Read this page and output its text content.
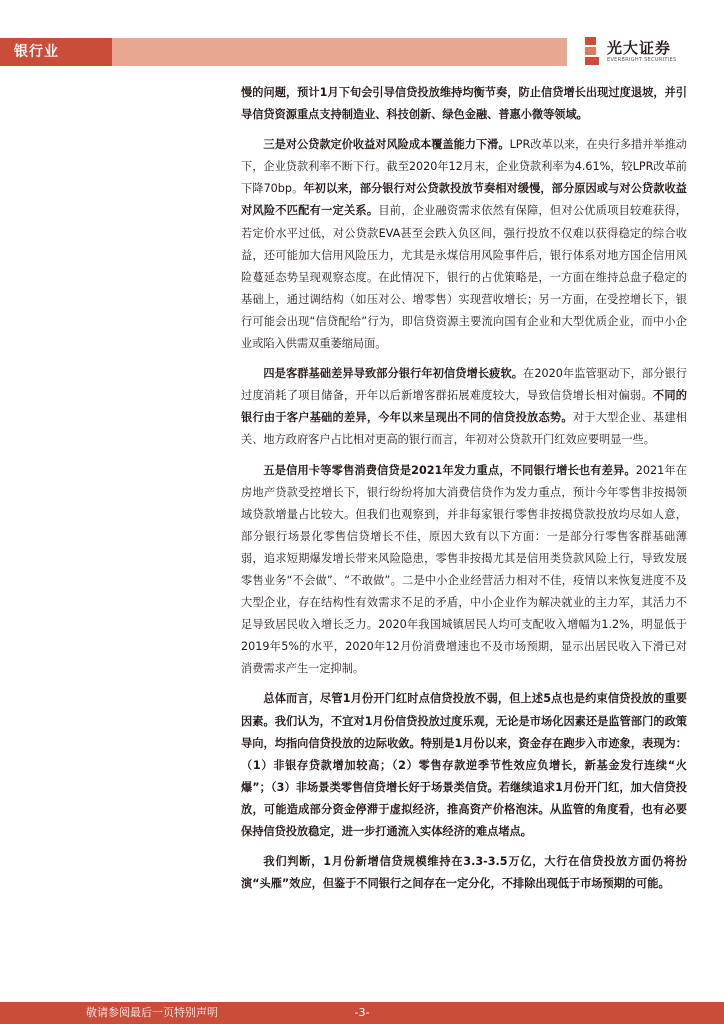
银行业	光大证券
EVERBRIGHT SECURITIES

慢的问题，预计1月下旬会引导信贷投放维持均衡节奏，防止信贷增长出现过度退坡，并引导信贷资源重点支持制造业、科技创新、绿色金融、普惠小微等领域。

三是对公贷款定价收益对风险成本覆盖能力下滑。LPR改革以来，在央行多措并举推动下，企业贷款利率不断下行。截至2020年12月末，企业贷款利率为4.61%，较LPR改革前下降70bp。年初以来，部分银行对公贷款投放节奏相对缓慢，部分原因或与对公贷款收益对风险不匹配有一定关系。目前，企业融资需求依然有保障，但对公优质项目较难获得，若定价水平过低，对公贷款EVA甚至会跌入负区间，强行投放不仅难以获得稳定的综合收益，还可能加大信用风险压力，尤其是永煤信用风险事件后，银行体系对地方国企信用风险蔓延态势呈现观察态度。在此情况下，银行的占优策略是，一方面在维持总盘子稳定的基础上，通过调结构（如压对公、增零售）实现营收增长；另一方面，在受控增长下，银行可能会出现“信贷配给”行为，即信贷资源主要流向国有企业和大型优质企业，而中小企业或陷入供需双重萎缩局面。

四是客群基础差异导致部分银行年初信贷增长疲软。在2020年监管驱动下，部分银行过度消耗了项目储备，开年以后新增客群拓展难度较大，导致信贷增长相对偏弱。不同的银行由于客户基础的差异，今年以来呈现出不同的信贷投放态势。对于大型企业、基建相关、地方政府客户占比相对更高的银行而言，年初对公贷款开门红效应要明显一些。

五是信用卡等零售消费信贷是2021年发力重点，不同银行增长也有差异。2021年在房地产贷款受控增长下，银行纷纷将加大消费信贷作为发力重点，预计今年零售非按揭领域贷款增量占比较大。但我们也观察到，并非每家银行零售非按揭贷款投放均尽如人意，部分银行场景化零售信贷增长不佳，原因大致有以下方面：一是部分行零售客群基础薄弱，追求短期爆发增长带来风险隐患，零售非按揭尤其是信用类贷款风险上行，导致发展零售业务“不会做”、“不敢做”。二是中小企业经营活力相对不佳，疫情以来恢复进度不及大型企业，存在结构性有效需求不足的矛盾，中小企业作为解决就业的主力军，其活力不足导致居民收入增长乏力。2020年我国城镇居民人均可支配收入增幅为1.2%，明显低于2019年5%的水平，2020年12月份消费增速也不及市场预期，显示出居民收入下滑已对消费需求产生一定抑制。

总体而言，尽管1月份开门红时点信贷投放不弱，但上述5点也是约束信贷投放的重要因素。我们认为，不宜对1月份信贷投放过度乐观，无论是市场化因素还是监管部门的政策导向，均指向信贷投放的边际收敛。特别是1月份以来，资金存在跑步入市迹象，表现为：（1）非银存贷款增加较高；（2）零售存款逆季节性效应负增长，新基金发行连续“火爆”；（3）非场景类零售信贷增长好于场景类信贷。若继续追求1月份开门红，加大信贷投放，可能造成部分资金停滞于虚拟经济，推高资产价格泡沫。从监管的角度看，也有必要保持信贷投放稳定，进一步打通流入实体经济的难点堵点。

我们判断，1月份新增信贷规模维持在3.3-3.5万亿，大行在信贷投放方面仍将扮演“头雁”效应，但鉴于不同银行之间存在一定分化，不排除出现低于市场预期的可能。

敬请参阅最后一页特别声明	-3-
